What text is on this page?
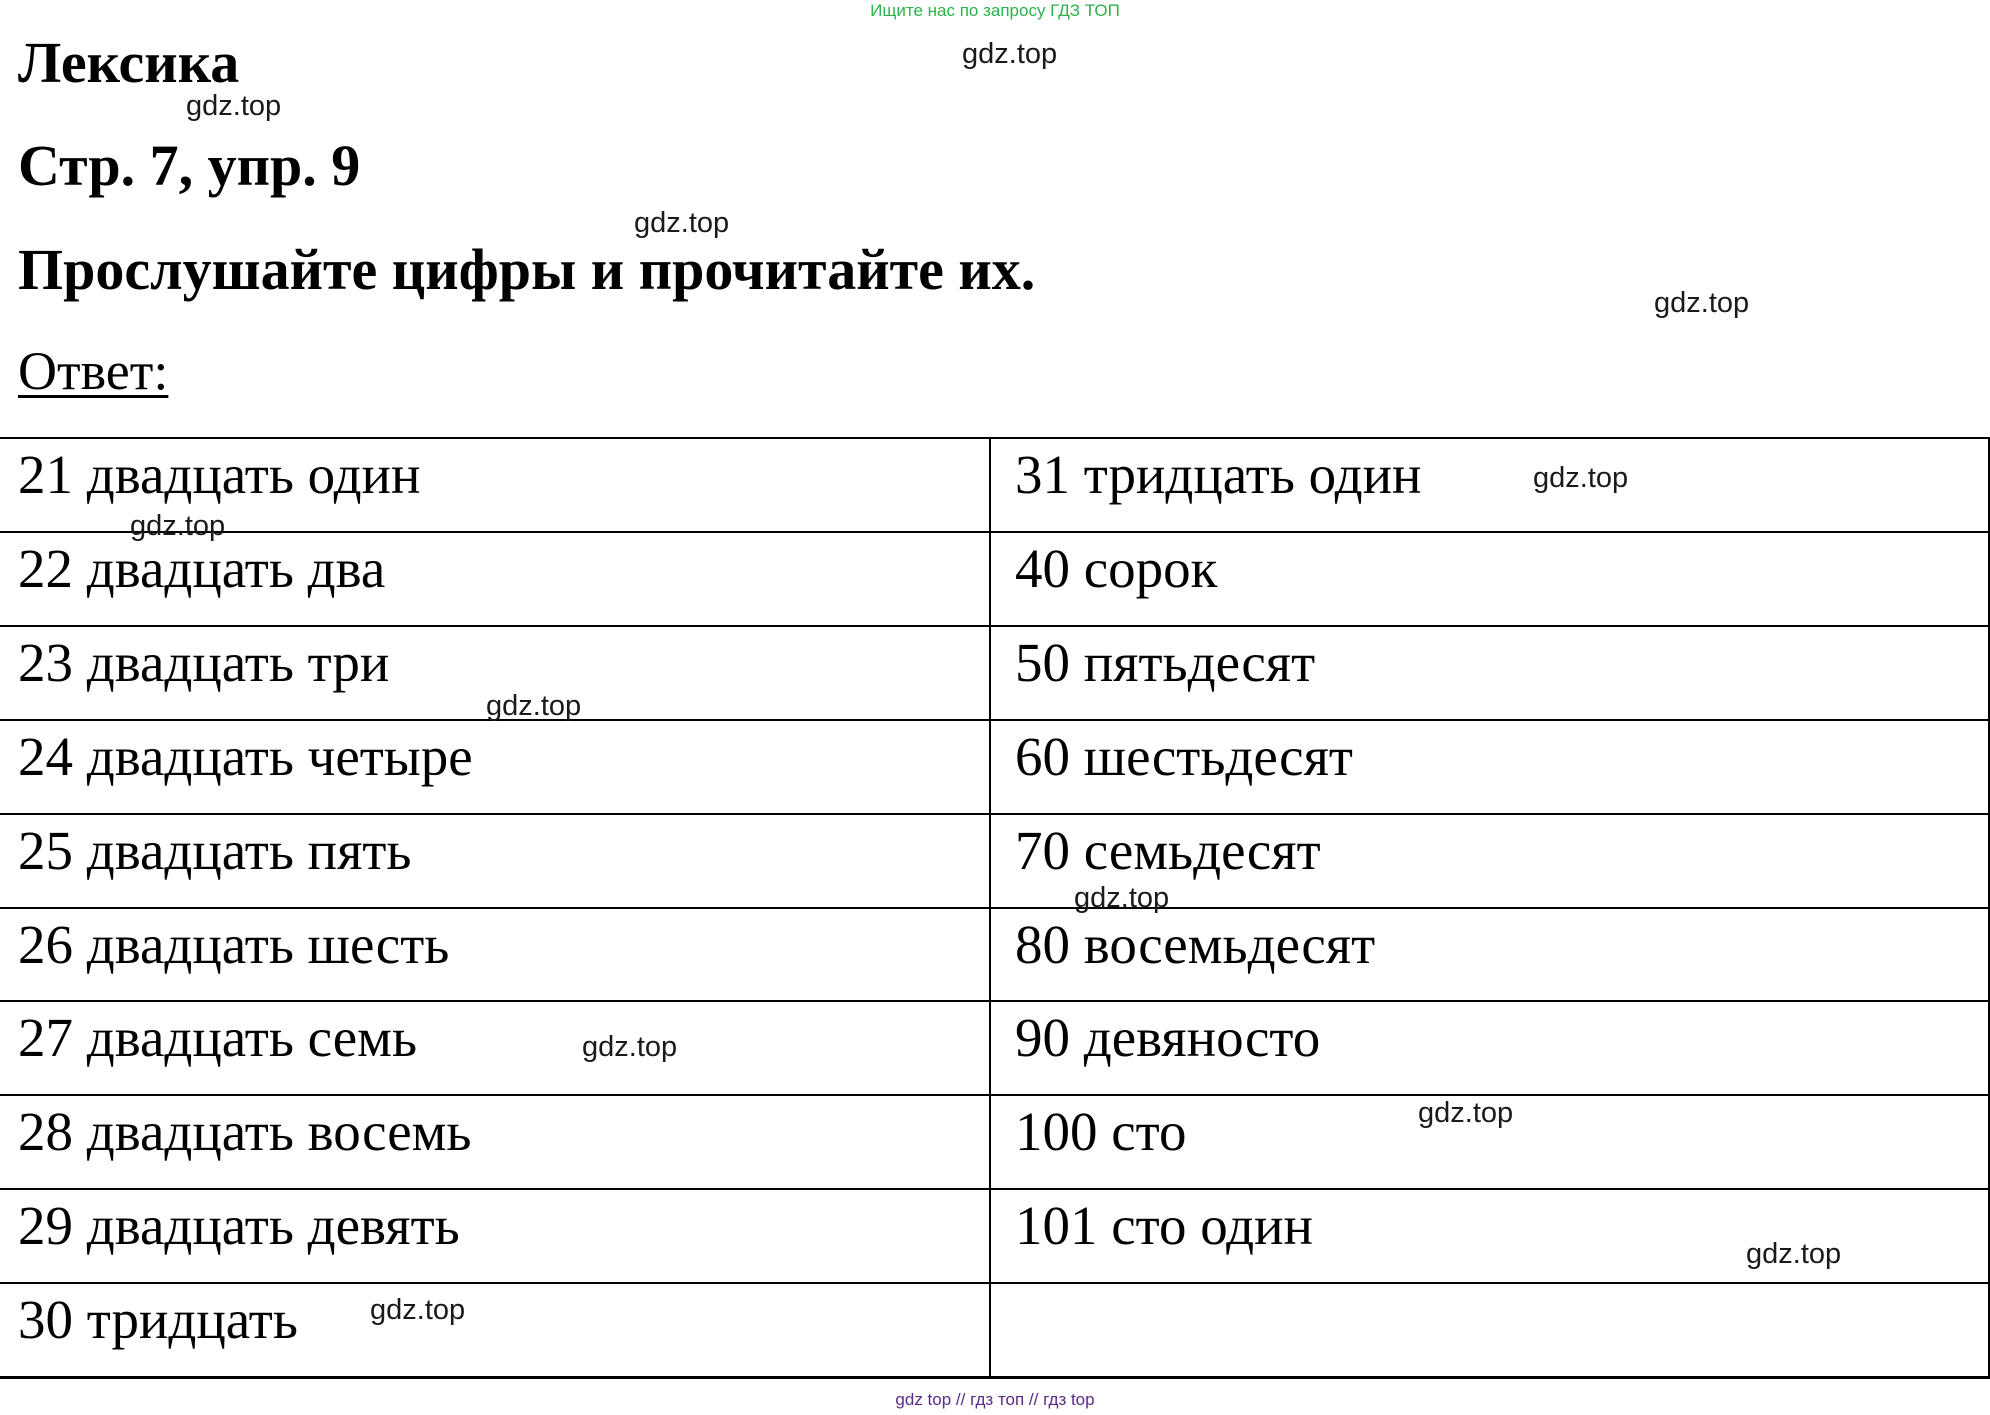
Ищите нас по запросу ГДЗ ТОП
Лексика
Стр. 7, упр. 9
Прослушайте цифры и прочитайте их.
Ответ:
21 двадцать один
22 двадцать два
23 двадцать три
24 двадцать четыре
25 двадцать пять
26 двадцать шесть
27 двадцать семь
28 двадцать восемь
29 двадцать девять
30 тридцать
31 тридцать один
40 сорок
50 пятьдесят
60 шестьдесят
70 семьдесят
80 восемьдесят
90 девяносто
100 сто
101 сто один
gdz.top
gdz.top
gdz.top
gdz.top
gdz.top
gdz.top
gdz.top
gdz.top
gdz.top
gdz.top
gdz.top
gdz.top
gdz top // гдз топ // гдз top
